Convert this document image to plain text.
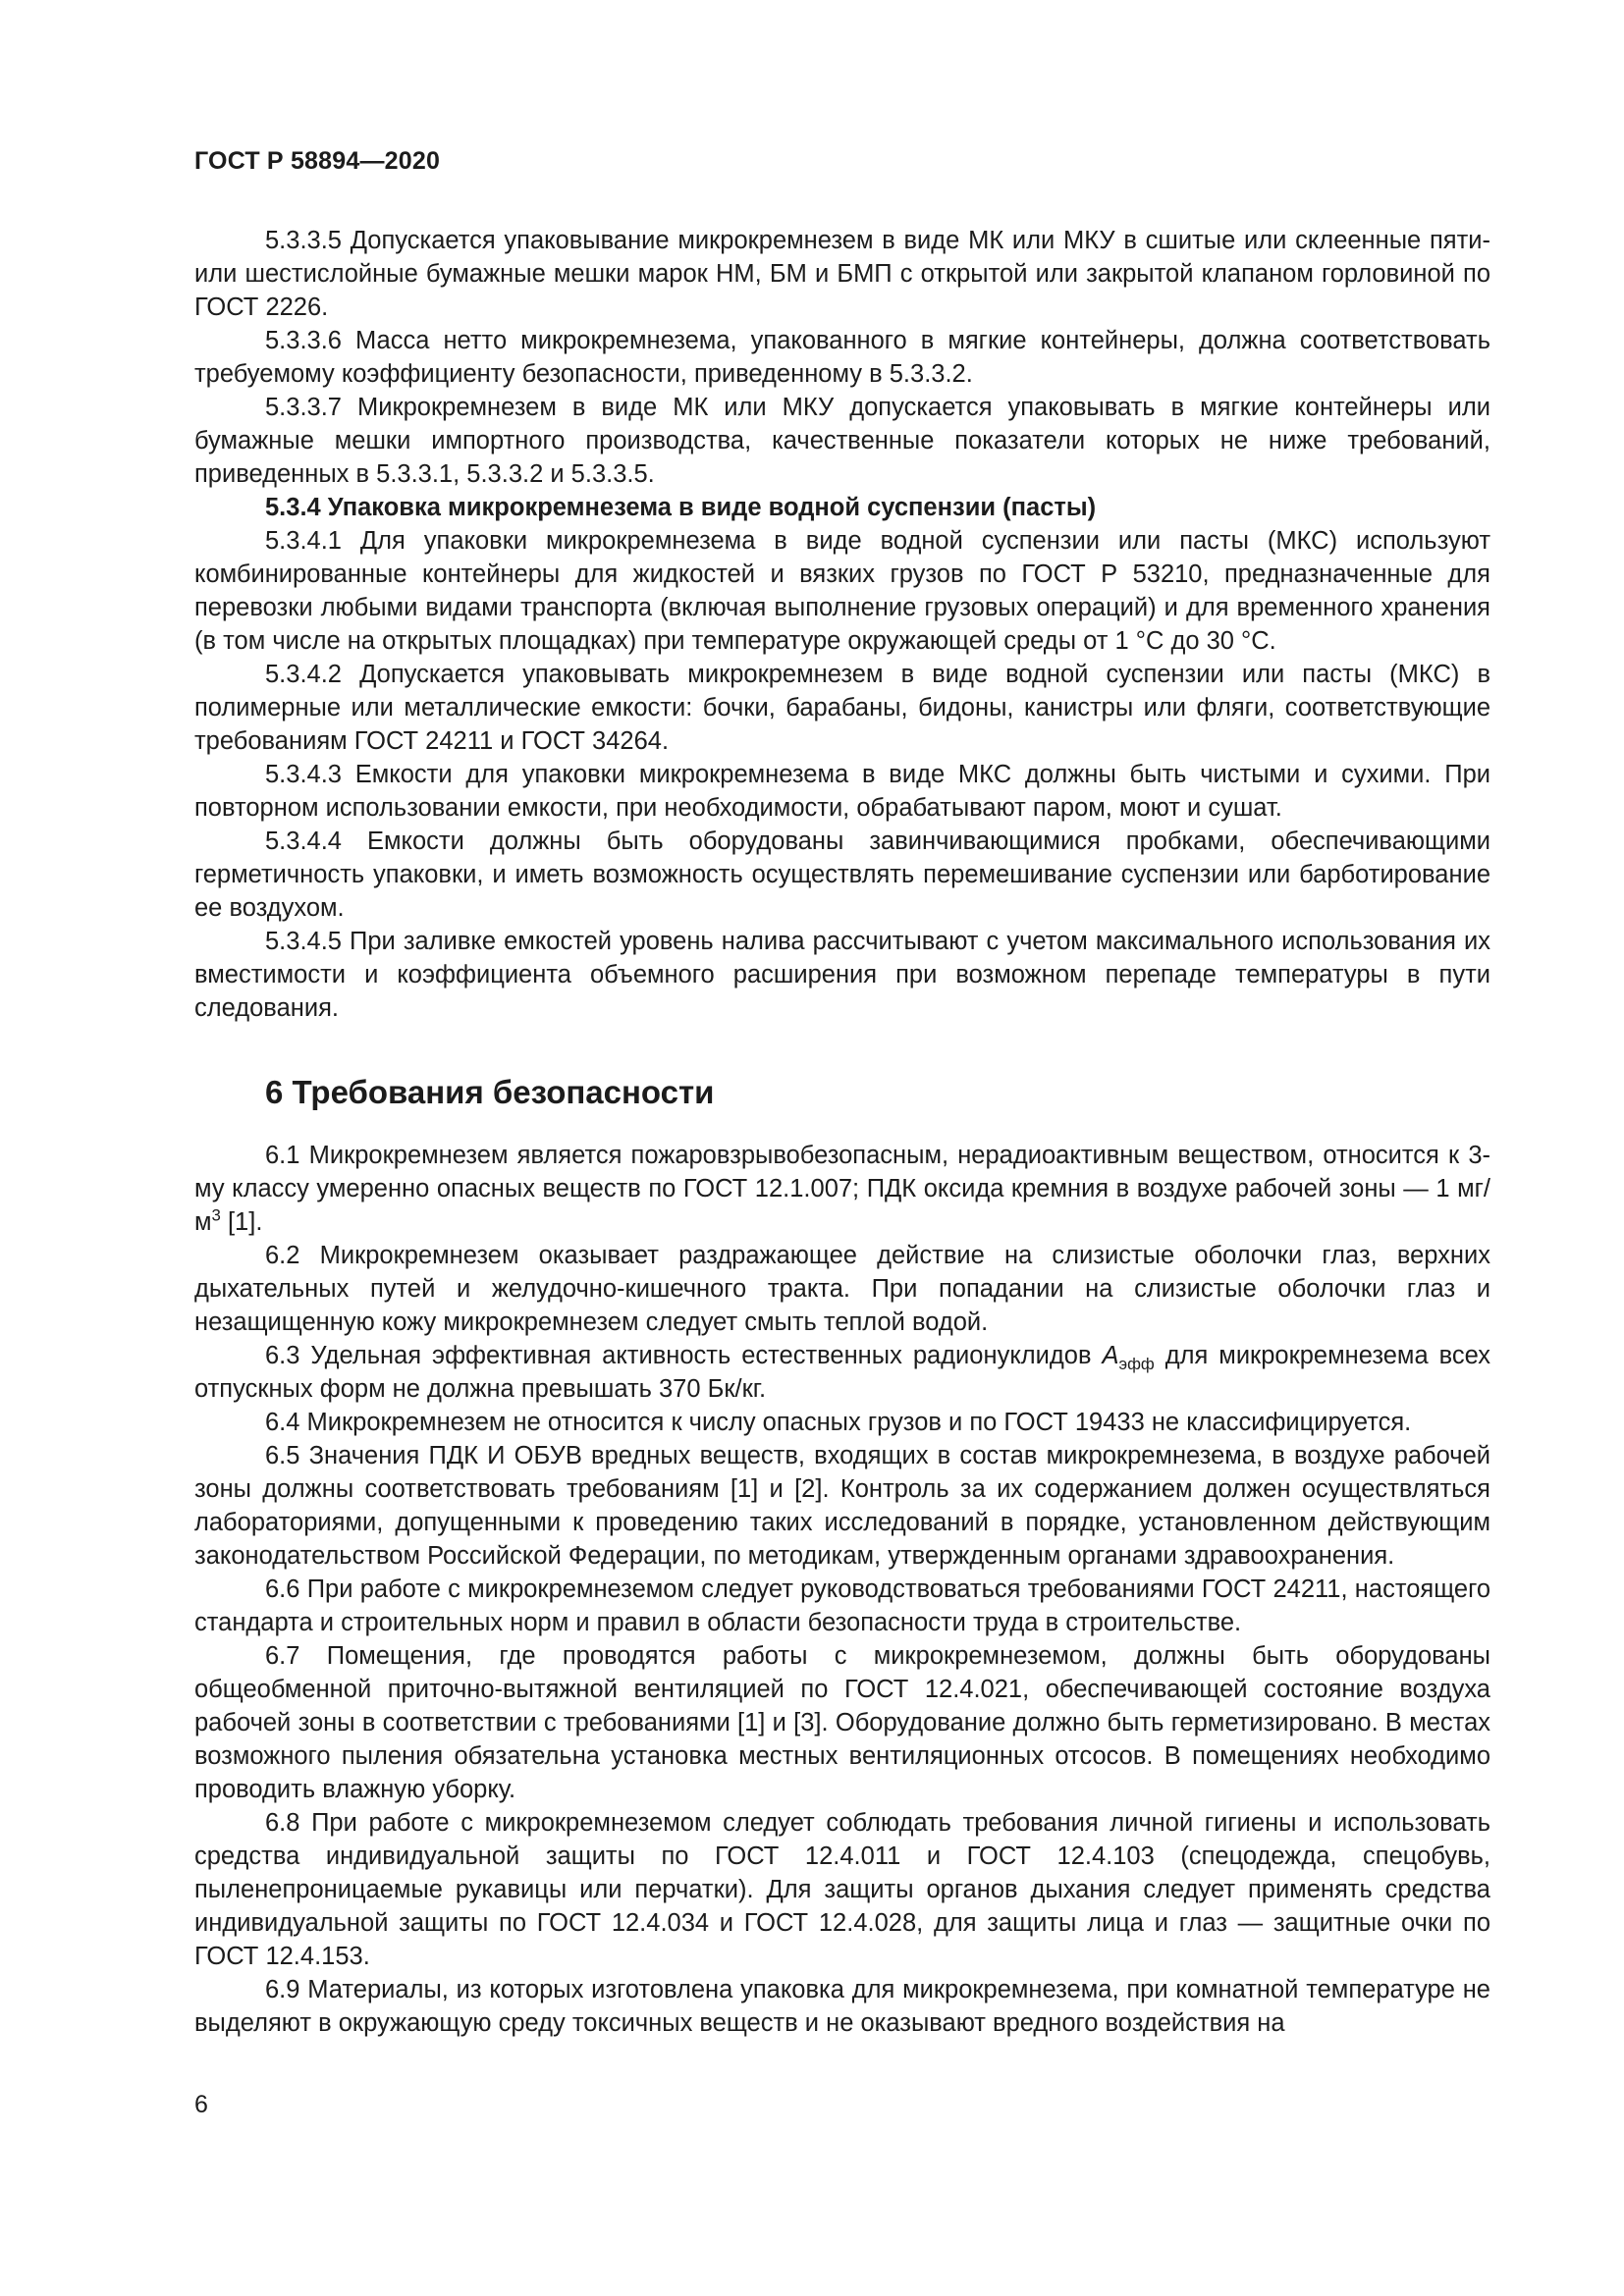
ГОСТ Р 58894—2020

5.3.3.5 Допускается упаковывание микрокремнезем в виде МК или МКУ в сшитые или склеенные пяти- или шестислойные бумажные мешки марок НМ, БМ и БМП с открытой или закрытой клапаном горловиной по ГОСТ 2226.

5.3.3.6 Масса нетто микрокремнезема, упакованного в мягкие контейнеры, должна соответствовать требуемому коэффициенту безопасности, приведенному в 5.3.3.2.

5.3.3.7 Микрокремнезем в виде МК или МКУ допускается упаковывать в мягкие контейнеры или бумажные мешки импортного производства, качественные показатели которых не ниже требований, приведенных в 5.3.3.1, 5.3.3.2 и 5.3.3.5.

5.3.4 Упаковка микрокремнезема в виде водной суспензии (пасты)

5.3.4.1 Для упаковки микрокремнезема в виде водной суспензии или пасты (МКС) используют комбинированные контейнеры для жидкостей и вязких грузов по ГОСТ Р 53210, предназначенные для перевозки любыми видами транспорта (включая выполнение грузовых операций) и для временного хранения (в том числе на открытых площадках) при температуре окружающей среды от 1 °С до 30 °С.

5.3.4.2 Допускается упаковывать микрокремнезем в виде водной суспензии или пасты (МКС) в полимерные или металлические емкости: бочки, барабаны, бидоны, канистры или фляги, соответствующие требованиям ГОСТ 24211 и ГОСТ 34264.

5.3.4.3 Емкости для упаковки микрокремнезема в виде МКС должны быть чистыми и сухими. При повторном использовании емкости, при необходимости, обрабатывают паром, моют и сушат.

5.3.4.4 Емкости должны быть оборудованы завинчивающимися пробками, обеспечивающими герметичность упаковки, и иметь возможность осуществлять перемешивание суспензии или барботирование ее воздухом.

5.3.4.5 При заливке емкостей уровень налива рассчитывают с учетом максимального использования их вместимости и коэффициента объемного расширения при возможном перепаде температуры в пути следования.

6 Требования безопасности

6.1 Микрокремнезем является пожаровзрывобезопасным, нерадиоактивным веществом, относится к 3-му классу умеренно опасных веществ по ГОСТ 12.1.007; ПДК оксида кремния в воздухе рабочей зоны — 1 $мг/м^3$ [1].

6.2 Микрокремнезем оказывает раздражающее действие на слизистые оболочки глаз, верхних дыхательных путей и желудочно-кишечного тракта. При попадании на слизистые оболочки глаз и незащищенную кожу микрокремнезем следует смыть теплой водой.

6.3 Удельная эффективная активность естественных радионуклидов $A_{эфф}$ для микрокремнезема всех отпускных форм не должна превышать 370 Бк/кг.

6.4 Микрокремнезем не относится к числу опасных грузов и по ГОСТ 19433 не классифицируется.

6.5 Значения ПДК И ОБУВ вредных веществ, входящих в состав микрокремнезема, в воздухе рабочей зоны должны соответствовать требованиям [1] и [2]. Контроль за их содержанием должен осуществляться лабораториями, допущенными к проведению таких исследований в порядке, установленном действующим законодательством Российской Федерации, по методикам, утвержденным органами здравоохранения.

6.6 При работе с микрокремнеземом следует руководствоваться требованиями ГОСТ 24211, настоящего стандарта и строительных норм и правил в области безопасности труда в строительстве.

6.7 Помещения, где проводятся работы с микрокремнеземом, должны быть оборудованы общеобменной приточно-вытяжной вентиляцией по ГОСТ 12.4.021, обеспечивающей состояние воздуха рабочей зоны в соответствии с требованиями [1] и [3]. Оборудование должно быть герметизировано. В местах возможного пыления обязательна установка местных вентиляционных отсосов. В помещениях необходимо проводить влажную уборку.

6.8 При работе с микрокремнеземом следует соблюдать требования личной гигиены и использовать средства индивидуальной защиты по ГОСТ 12.4.011 и ГОСТ 12.4.103 (спецодежда, спецобувь, пыленепроницаемые рукавицы или перчатки). Для защиты органов дыхания следует применять средства индивидуальной защиты по ГОСТ 12.4.034 и ГОСТ 12.4.028, для защиты лица и глаз — защитные очки по ГОСТ 12.4.153.

6.9 Материалы, из которых изготовлена упаковка для микрокремнезема, при комнатной температуре не выделяют в окружающую среду токсичных веществ и не оказывают вредного воздействия на

6
